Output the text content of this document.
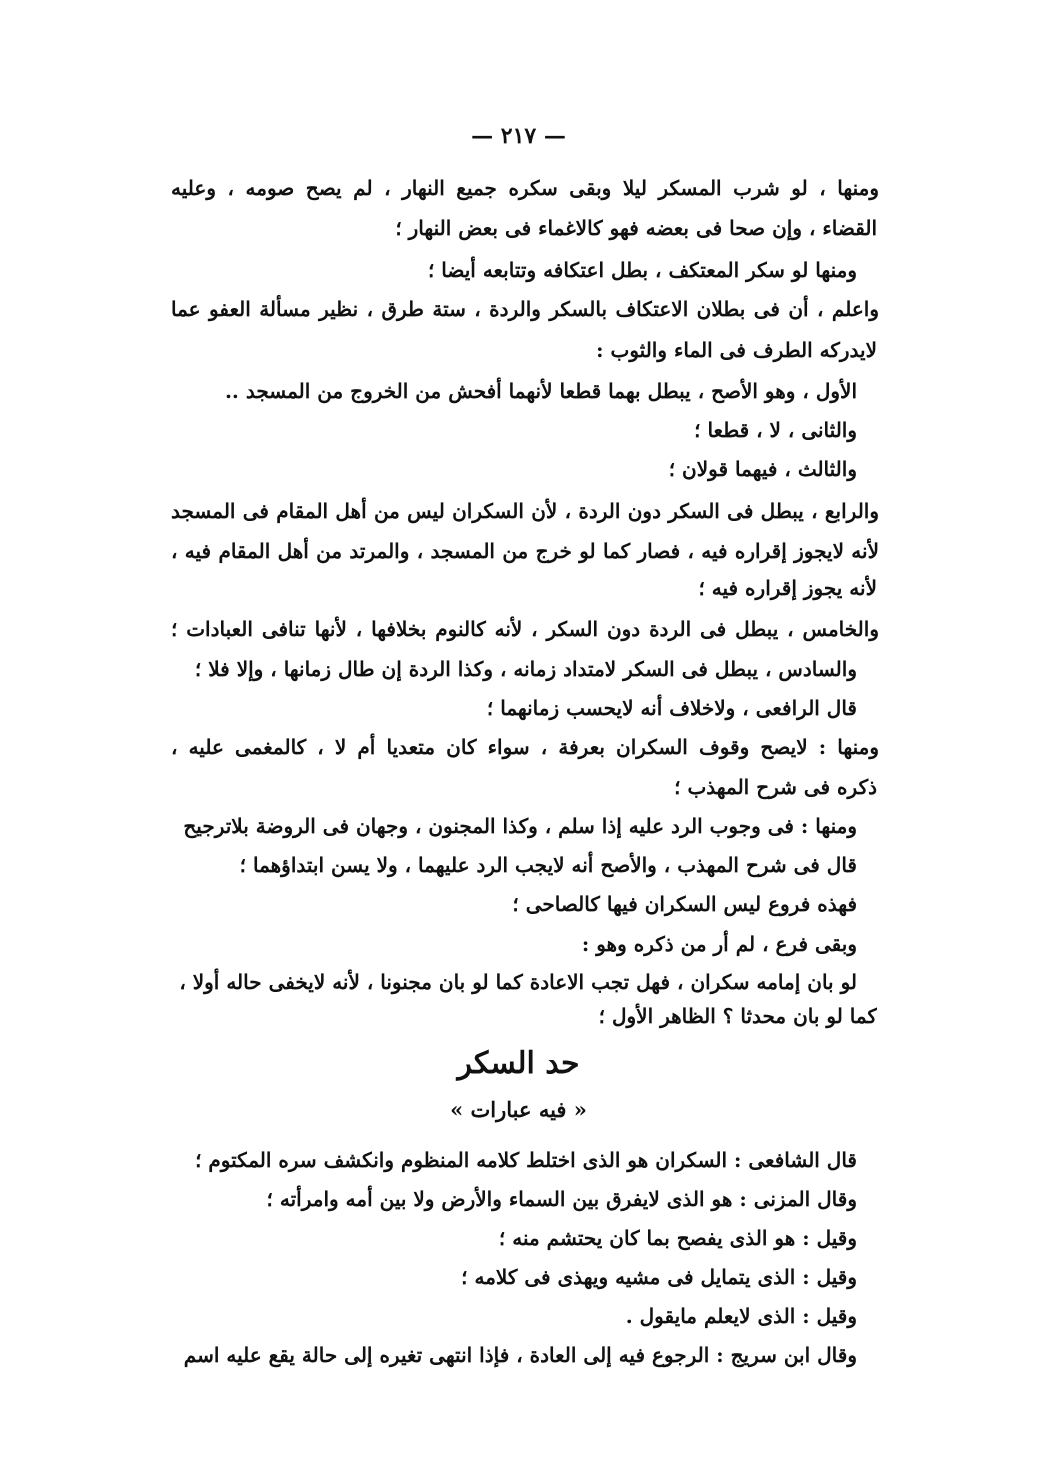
— ٢١٧ —
ومنها ، لو شرب المسكر ليلا وبقى سكره جميع النهار ، لم يصح صومه ، وعليه
القضاء ، وإن صحا فى بعضه فهو كالاغماء فى بعض النهار ؛
ومنها لو سكر المعتكف ، بطل اعتكافه وتتابعه أيضا ؛
واعلم ، أن فى بطلان الاعتكاف بالسكر والردة ، ستة طرق ، نظير مسألة العفو عما
لايدركه الطرف فى الماء والثوب :
الأول ، وهو الأصح ، يبطل بهما قطعا لأنهما أفحش من الخروج من المسجد ..
والثانى ، لا ، قطعا ؛
والثالث ، فيهما قولان ؛
والرابع ، يبطل فى السكر دون الردة ، لأن السكران ليس من أهل المقام فى المسجد
لأنه لايجوز إقراره فيه ، فصار كما لو خرج من المسجد ، والمرتد من أهل المقام فيه ،
لأنه يجوز إقراره فيه ؛
والخامس ، يبطل فى الردة دون السكر ، لأنه كالنوم بخلافها ، لأنها تنافى العبادات ؛
والسادس ، يبطل فى السكر لامتداد زمانه ، وكذا الردة إن طال زمانها ، وإلا فلا ؛
قال الرافعى ، ولاخلاف أنه لايحسب زمانهما ؛
ومنها : لايصح وقوف السكران بعرفة ، سواء كان متعديا أم لا ، كالمغمى عليه ،
ذكره فى شرح المهذب ؛
ومنها : فى وجوب الرد عليه إذا سلم ، وكذا المجنون ، وجهان فى الروضة بلاترجيح
قال فى شرح المهذب ، والأصح أنه لايجب الرد عليهما ، ولا يسن ابتداؤهما ؛
فهذه فروع ليس السكران فيها كالصاحى ؛
وبقى فرع ، لم أر من ذكره وهو :
لو بان إمامه سكران ، فهل تجب الاعادة كما لو بان مجنونا ، لأنه لايخفى حاله أولا ،
كما لو بان محدثا ؟ الظاهر الأول ؛
حد السكر
« فيه عبارات »
قال الشافعى : السكران هو الذى اختلط كلامه المنظوم وانكشف سره المكتوم ؛
وقال المزنى : هو الذى لايفرق بين السماء والأرض ولا بين أمه وامرأته ؛
وقيل : هو الذى يفصح بما كان يحتشم منه ؛
وقيل : الذى يتمايل فى مشيه ويهذى فى كلامه ؛
وقيل : الذى لايعلم مايقول .
وقال ابن سريج : الرجوع فيه إلى العادة ، فإذا انتهى تغيره إلى حالة يقع عليه اسم
